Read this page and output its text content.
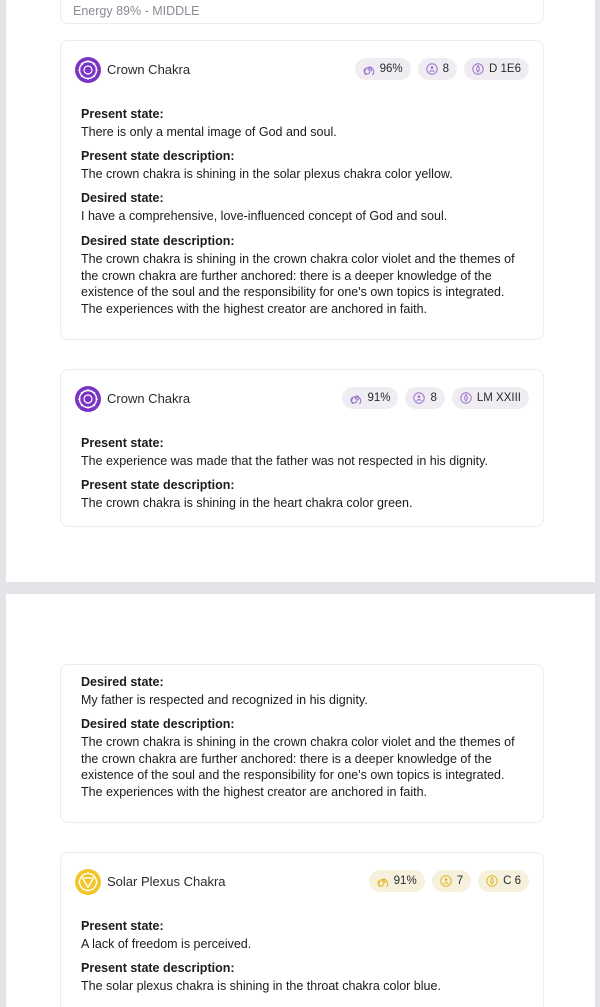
Energy 89% - MIDDLE
Crown Chakra	96%	8	D 1E6
Present state:
There is only a mental image of God and soul.
Present state description:
The crown chakra is shining in the solar plexus chakra color yellow.
Desired state:
I have a comprehensive, love-influenced concept of God and soul.
Desired state description:
The crown chakra is shining in the crown chakra color violet and the themes of the crown chakra are further anchored: there is a deeper knowledge of the existence of the soul and the responsibility for one's own topics is integrated. The experiences with the highest creator are anchored in faith.
Crown Chakra	91%	8	LM XXIII
Present state:
The experience was made that the father was not respected in his dignity.
Present state description:
The crown chakra is shining in the heart chakra color green.
Desired state:
My father is respected and recognized in his dignity.
Desired state description:
The crown chakra is shining in the crown chakra color violet and the themes of the crown chakra are further anchored: there is a deeper knowledge of the existence of the soul and the responsibility for one's own topics is integrated. The experiences with the highest creator are anchored in faith.
Solar Plexus Chakra	91%	7	C 6
Present state:
A lack of freedom is perceived.
Present state description:
The solar plexus chakra is shining in the throat chakra color blue.
